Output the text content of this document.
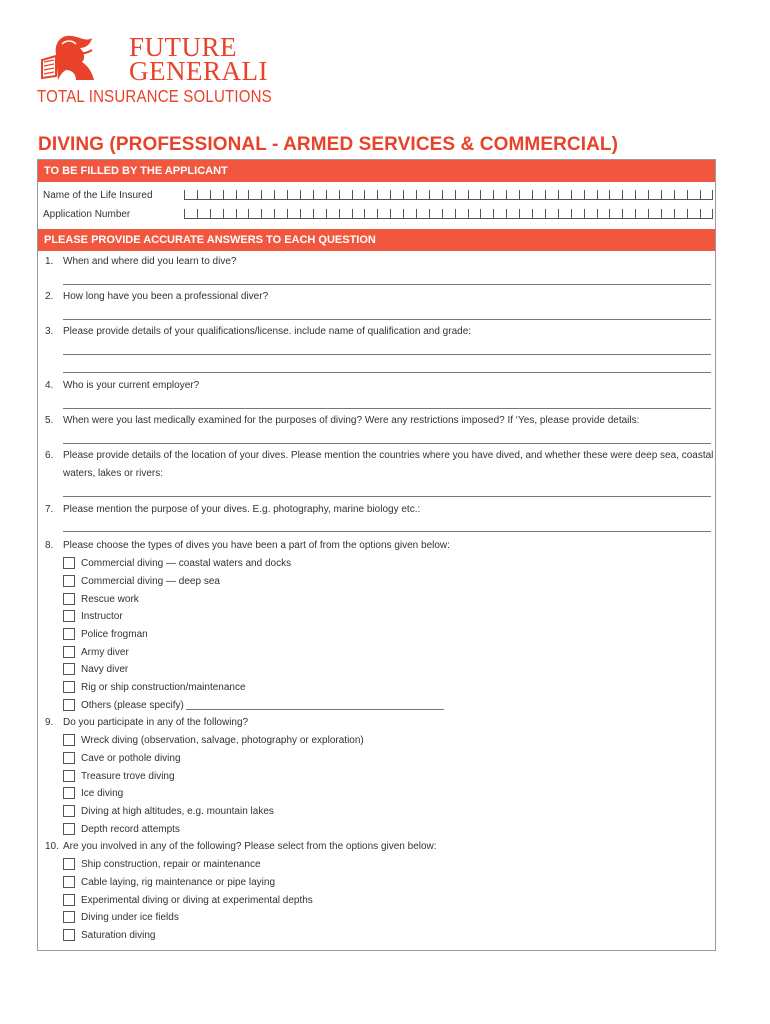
FUTURE
GENERALI
TOTAL INSURANCE SOLUTIONS
DIVING (PROFESSIONAL - ARMED SERVICES & COMMERCIAL)
TO BE FILLED BY THE APPLICANT
Name of the Life Insured
Application Number
PLEASE PROVIDE ACCURATE ANSWERS TO EACH QUESTION
1. When and where did you learn to dive?
2. How long have you been a professional diver?
3. Please provide details of your qualifications/license. include name of qualification and grade:
4. Who is your current employer?
5. When were you last medically examined for the purposes of diving? Were any restrictions imposed? If ‘Yes, please provide details:
6. Please provide details of the location of your dives. Please mention the countries where you have dived, and whether these were deep sea, coastal
waters, lakes or rivers:
7. Please mention the purpose of your dives. E.g. photography, marine biology etc.:
8. Please choose the types of dives you have been a part of from the options given below:
Commercial diving — coastal waters and docks
Commercial diving — deep sea
Rescue work
Instructor
Police frogman
Army diver
Navy diver
Rig or ship construction/maintenance
Others (please specify)
9. Do you participate in any of the following?
Wreck diving (observation, salvage, photography or exploration)
Cave or pothole diving
Treasure trove diving
Ice diving
Diving at high altitudes, e.g. mountain lakes
Depth record attempts
10. Are you involved in any of the following? Please select from the options given below:
Ship construction, repair or maintenance
Cable laying, rig maintenance or pipe laying
Experimental diving or diving at experimental depths
Diving under ice fields
Saturation diving
